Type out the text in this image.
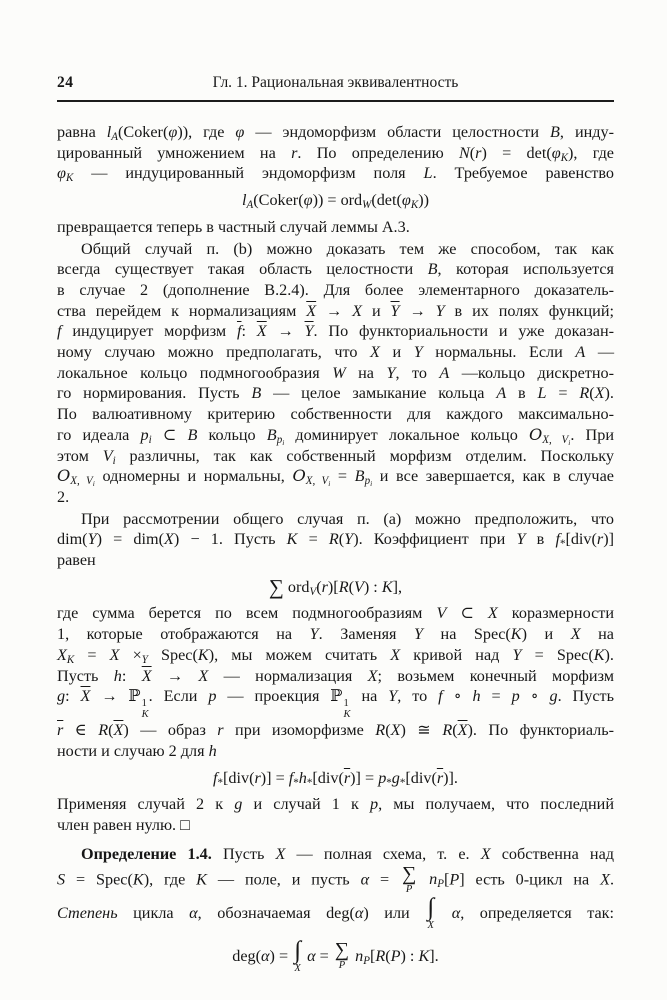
24	Гл. 1. Рациональная эквивалентность
равна $l_A(Coker(\varphi))$, где φ — эндоморфизм области целостности B, инду-
цированный умножением на r. По определению $N(r) = \det(\varphi_K)$, где
$\varphi_K$ — индуцированный эндоморфизм поля L. Требуемое равенство
$l_A(Coker(\varphi)) = ord_W(\det(\varphi_K))$
превращается теперь в частный случай леммы А.3.
Общий случай п. (b) можно доказать тем же способом, так как
всегда существует такая область целостности B, которая используется
в случае 2 (дополнение В.2.4). Для более элементарного доказатель-
ства перейдем к нормализациям $\overline{X} \to X$ и $\overline{Y} \to Y$ в их полях функций;
f индуцирует морфизм $\overline{f}$: $\overline{X} \to \overline{Y}$. По функториальности и уже доказан-
ному случаю можно предполагать, что X и Y нормальны. Если A —
локальное кольцо подмногообразия W на Y, то A —кольцо дискретно-
го нормирования. Пусть B — целое замыкание кольца A в L = R(X).
По валюативному критерию собственности для каждого максимально-
го идеала $p_i$ ⊂ B кольцо $B_{p_i}$ доминирует локальное кольцо $O_{X, V_i}$. При
этом $V_i$ различны, так как собственный морфизм отделим. Поскольку
$O_{X, V_i}$ одномерны и нормальны, $O_{X, V_i} = B_{p_i}$ и все завершается, как в случае
2.
При рассмотрении общего случая п. (а) можно предположить, что
dim(Y) = dim(X) − 1. Пусть K = R(Y). Коэффициент при Y в $f_*[div(r)]$
равен
∑ ord$_V$(r)[R(V) : K],
где сумма берется по всем подмногообразиям V ⊂ X коразмерности
1, которые отображаются на Y. Заменяя Y на Spec(K) и X на
$X_K = X \times_Y$ Spec(K), мы можем считать X кривой над Y = Spec(K).
Пусть h: $\overline{X} \to X$ — нормализация X; возьмем конечный морфизм
g: $\overline{X}$ → ℙ 1
K
. Если p — проекция ℙ 1
K
на Y, то f ∘ h = p ∘ g. Пусть
$\overline{r}$ ∈ $R(\overline{X})$ — образ r при изоморфизме R(X) ≅ $R(\overline{X})$. По функториаль-
ности и случаю 2 для h
$f_*[div(r)] = f_*h_*[div(\overline{r})] = p_*g_*[div(\overline{r})]$.
Применяя случай 2 к g и случай 1 к p, мы получаем, что последний
член равен нулю. □
Определение 1.4. Пусть X — полная схема, т. е. X собственна над
S = Spec(K), где K — поле, и пусть α = ∑
P
$n_P[P]$ есть 0-цикл на X.
Степень цикла α, обозначаемая deg(α) или ∫
X
α, определяется так:
deg(α) = ∫
X
α = ∑
P
$n_P[R(P)$ : K].
